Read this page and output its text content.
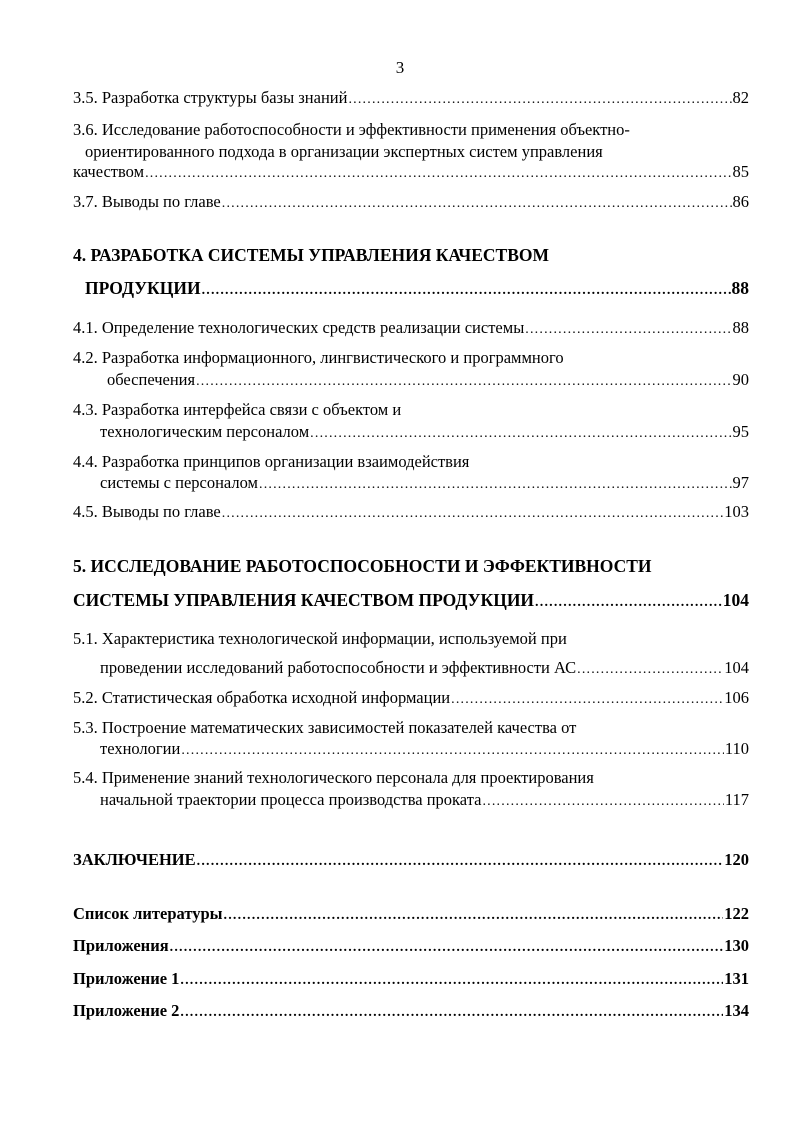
3
3.5. Разработка структуры базы знаний .....	82
3.6. Исследование работоспособности и эффективности применения объектно-
ориентированного подхода в организации экспертных систем управления
качеством .....	85
3.7. Выводы по главе .....	86
4. РАЗРАБОТКА СИСТЕМЫ УПРАВЛЕНИЯ КАЧЕСТВОМ
ПРОДУКЦИИ .....	88
4.1. Определение технологических средств реализации системы .....	88
4.2. Разработка информационного, лингвистического и программного
обеспечения .....	90
4.3. Разработка интерфейса связи с объектом и
технологическим персоналом .....	95
4.4. Разработка принципов организации взаимодействия
системы с персоналом .....	97
4.5. Выводы по главе .....	103
5. ИССЛЕДОВАНИЕ РАБОТОСПОСОБНОСТИ И ЭФФЕКТИВНОСТИ
СИСТЕМЫ УПРАВЛЕНИЯ КАЧЕСТВОМ ПРОДУКЦИИ .....	104
5.1. Характеристика технологической информации, используемой при
проведении исследований работоспособности и эффективности АС .....	104
5.2. Статистическая обработка исходной информации .....	106
5.3. Построение математических зависимостей показателей качества от
технологии .....	110
5.4. Применение знаний технологического персонала для проектирования
начальной траектории процесса производства проката .....	117
ЗАКЛЮЧЕНИЕ .....	120
Список литературы .....	122
Приложения .....	130
Приложение 1 .....	131
Приложение 2 .....	134
